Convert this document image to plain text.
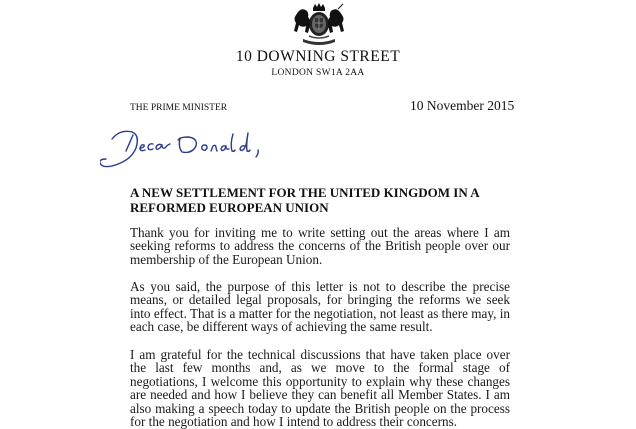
10 DOWNING STREET
LONDON SW1A 2AA
THE PRIME MINISTER	10 November 2015
A NEW SETTLEMENT FOR THE UNITED KINGDOM IN A REFORMED EUROPEAN UNION

Thank you for inviting me to write setting out the areas where I am seeking reforms to address the concerns of the British people over our membership of the European Union.

As you said, the purpose of this letter is not to describe the precise means, or detailed legal proposals, for bringing the reforms we seek into effect. That is a matter for the negotiation, not least as there may, in each case, be different ways of achieving the same result.

I am grateful for the technical discussions that have taken place over the last few months and, as we move to the formal stage of negotiations, I welcome this opportunity to explain why these changes are needed and how I believe they can benefit all Member States. I am also making a speech today to update the British people on the process for the negotiation and how I intend to address their concerns.
